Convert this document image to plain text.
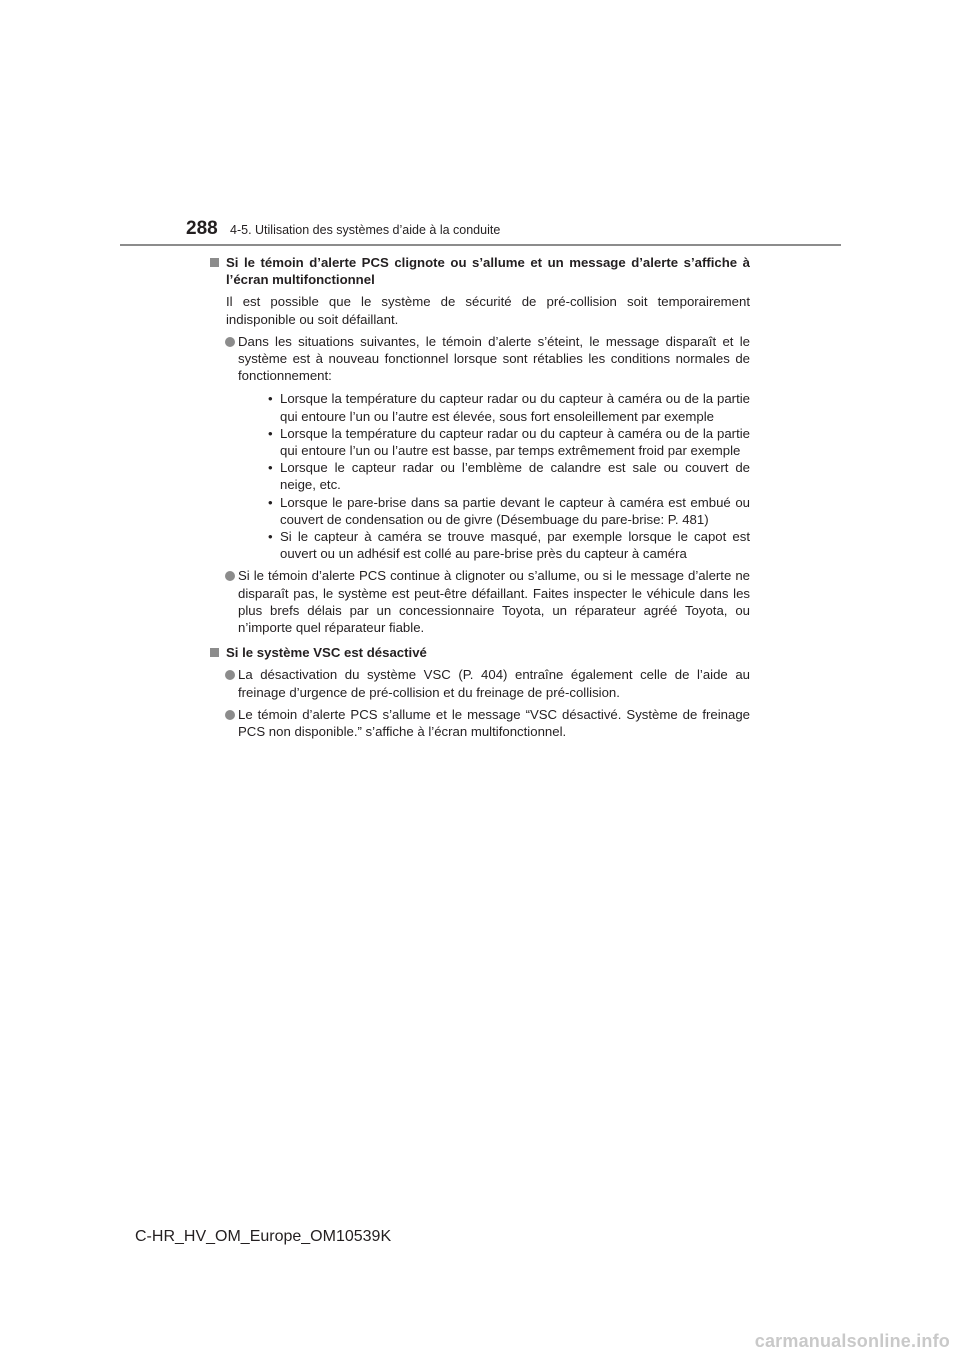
288 4-5. Utilisation des systèmes d’aide à la conduite
Si le témoin d’alerte PCS clignote ou s’allume et un message d’alerte s’affiche à l’écran multifonctionnel
Il est possible que le système de sécurité de pré-collision soit temporairement indisponible ou soit défaillant.
Dans les situations suivantes, le témoin d’alerte s’éteint, le message disparaît et le système est à nouveau fonctionnel lorsque sont rétablies les conditions normales de fonctionnement:
• Lorsque la température du capteur radar ou du capteur à caméra ou de la partie qui entoure l’un ou l’autre est élevée, sous fort ensoleillement par exemple
• Lorsque la température du capteur radar ou du capteur à caméra ou de la partie qui entoure l’un ou l’autre est basse, par temps extrêmement froid par exemple
• Lorsque le capteur radar ou l’emblème de calandre est sale ou couvert de neige, etc.
• Lorsque le pare-brise dans sa partie devant le capteur à caméra est embué ou couvert de condensation ou de givre (Désembuage du pare-brise: P. 481)
• Si le capteur à caméra se trouve masqué, par exemple lorsque le capot est ouvert ou un adhésif est collé au pare-brise près du capteur à caméra
Si le témoin d’alerte PCS continue à clignoter ou s’allume, ou si le message d’alerte ne disparaît pas, le système est peut-être défaillant. Faites inspecter le véhicule dans les plus brefs délais par un concessionnaire Toyota, un réparateur agréé Toyota, ou n’importe quel réparateur fiable.
Si le système VSC est désactivé
La désactivation du système VSC (P. 404) entraîne également celle de l’aide au freinage d’urgence de pré-collision et du freinage de pré-collision.
Le témoin d’alerte PCS s’allume et le message “VSC désactivé. Système de freinage PCS non disponible.” s’affiche à l’écran multifonctionnel.
C-HR_HV_OM_Europe_OM10539K
carmanualsonline.info
